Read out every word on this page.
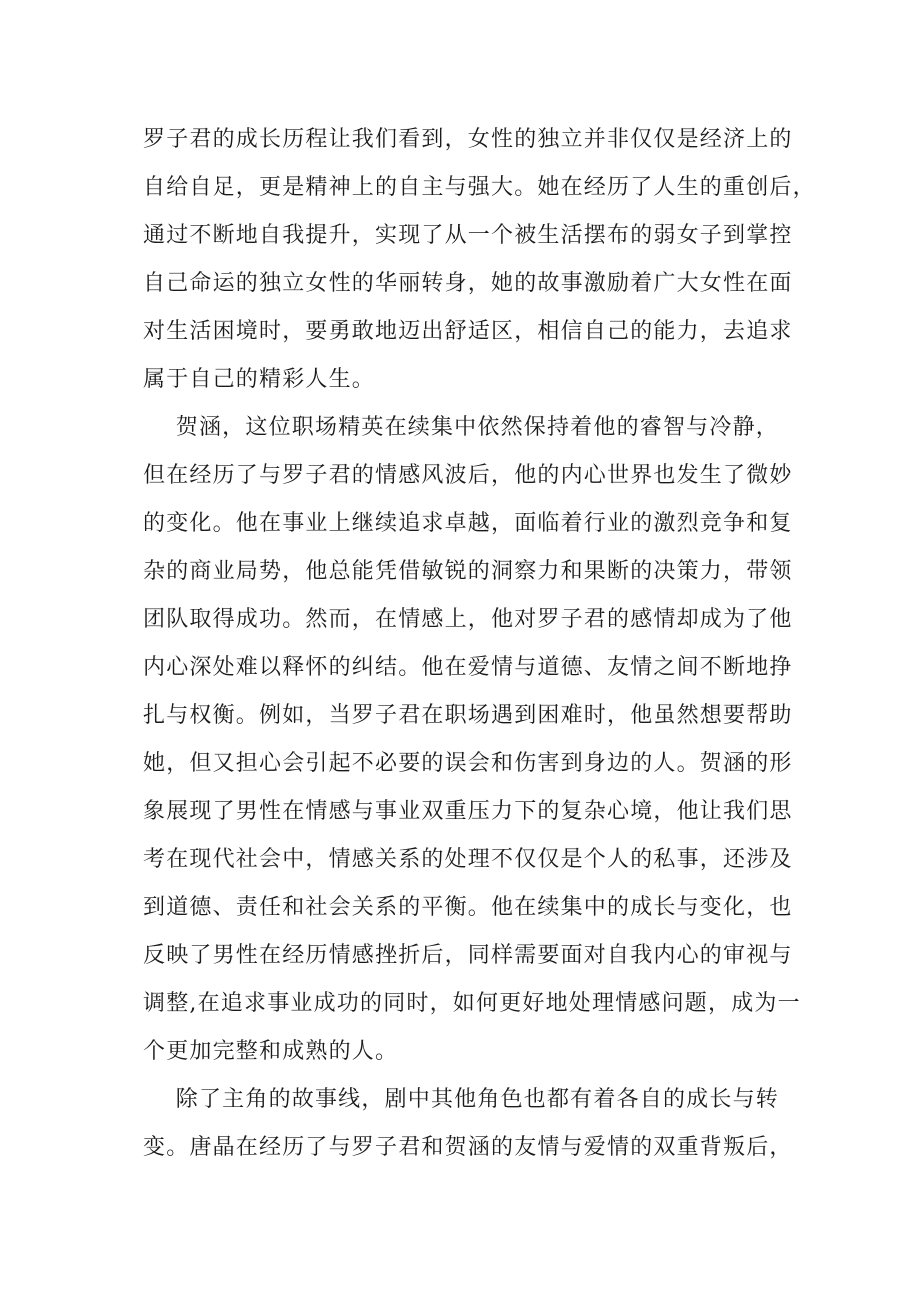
罗子君的成长历程让我们看到，女性的独立并非仅仅是经济上的
自给自足，更是精神上的自主与强大。她在经历了人生的重创后，
通过不断地自我提升，实现了从一个被生活摆布的弱女子到掌控
自己命运的独立女性的华丽转身，她的故事激励着广大女性在面
对生活困境时，要勇敢地迈出舒适区，相信自己的能力，去追求
属于自己的精彩人生。
贺涵，这位职场精英在续集中依然保持着他的睿智与冷静，
但在经历了与罗子君的情感风波后，他的内心世界也发生了微妙
的变化。他在事业上继续追求卓越，面临着行业的激烈竞争和复
杂的商业局势，他总能凭借敏锐的洞察力和果断的决策力，带领
团队取得成功。然而，在情感上，他对罗子君的感情却成为了他
内心深处难以释怀的纠结。他在爱情与道德、友情之间不断地挣
扎与权衡。例如，当罗子君在职场遇到困难时，他虽然想要帮助
她，但又担心会引起不必要的误会和伤害到身边的人。贺涵的形
象展现了男性在情感与事业双重压力下的复杂心境，他让我们思
考在现代社会中，情感关系的处理不仅仅是个人的私事，还涉及
到道德、责任和社会关系的平衡。他在续集中的成长与变化，也
反映了男性在经历情感挫折后，同样需要面对自我内心的审视与
调整,在追求事业成功的同时，如何更好地处理情感问题，成为一
个更加完整和成熟的人。
除了主角的故事线，剧中其他角色也都有着各自的成长与转
变。唐晶在经历了与罗子君和贺涵的友情与爱情的双重背叛后，
